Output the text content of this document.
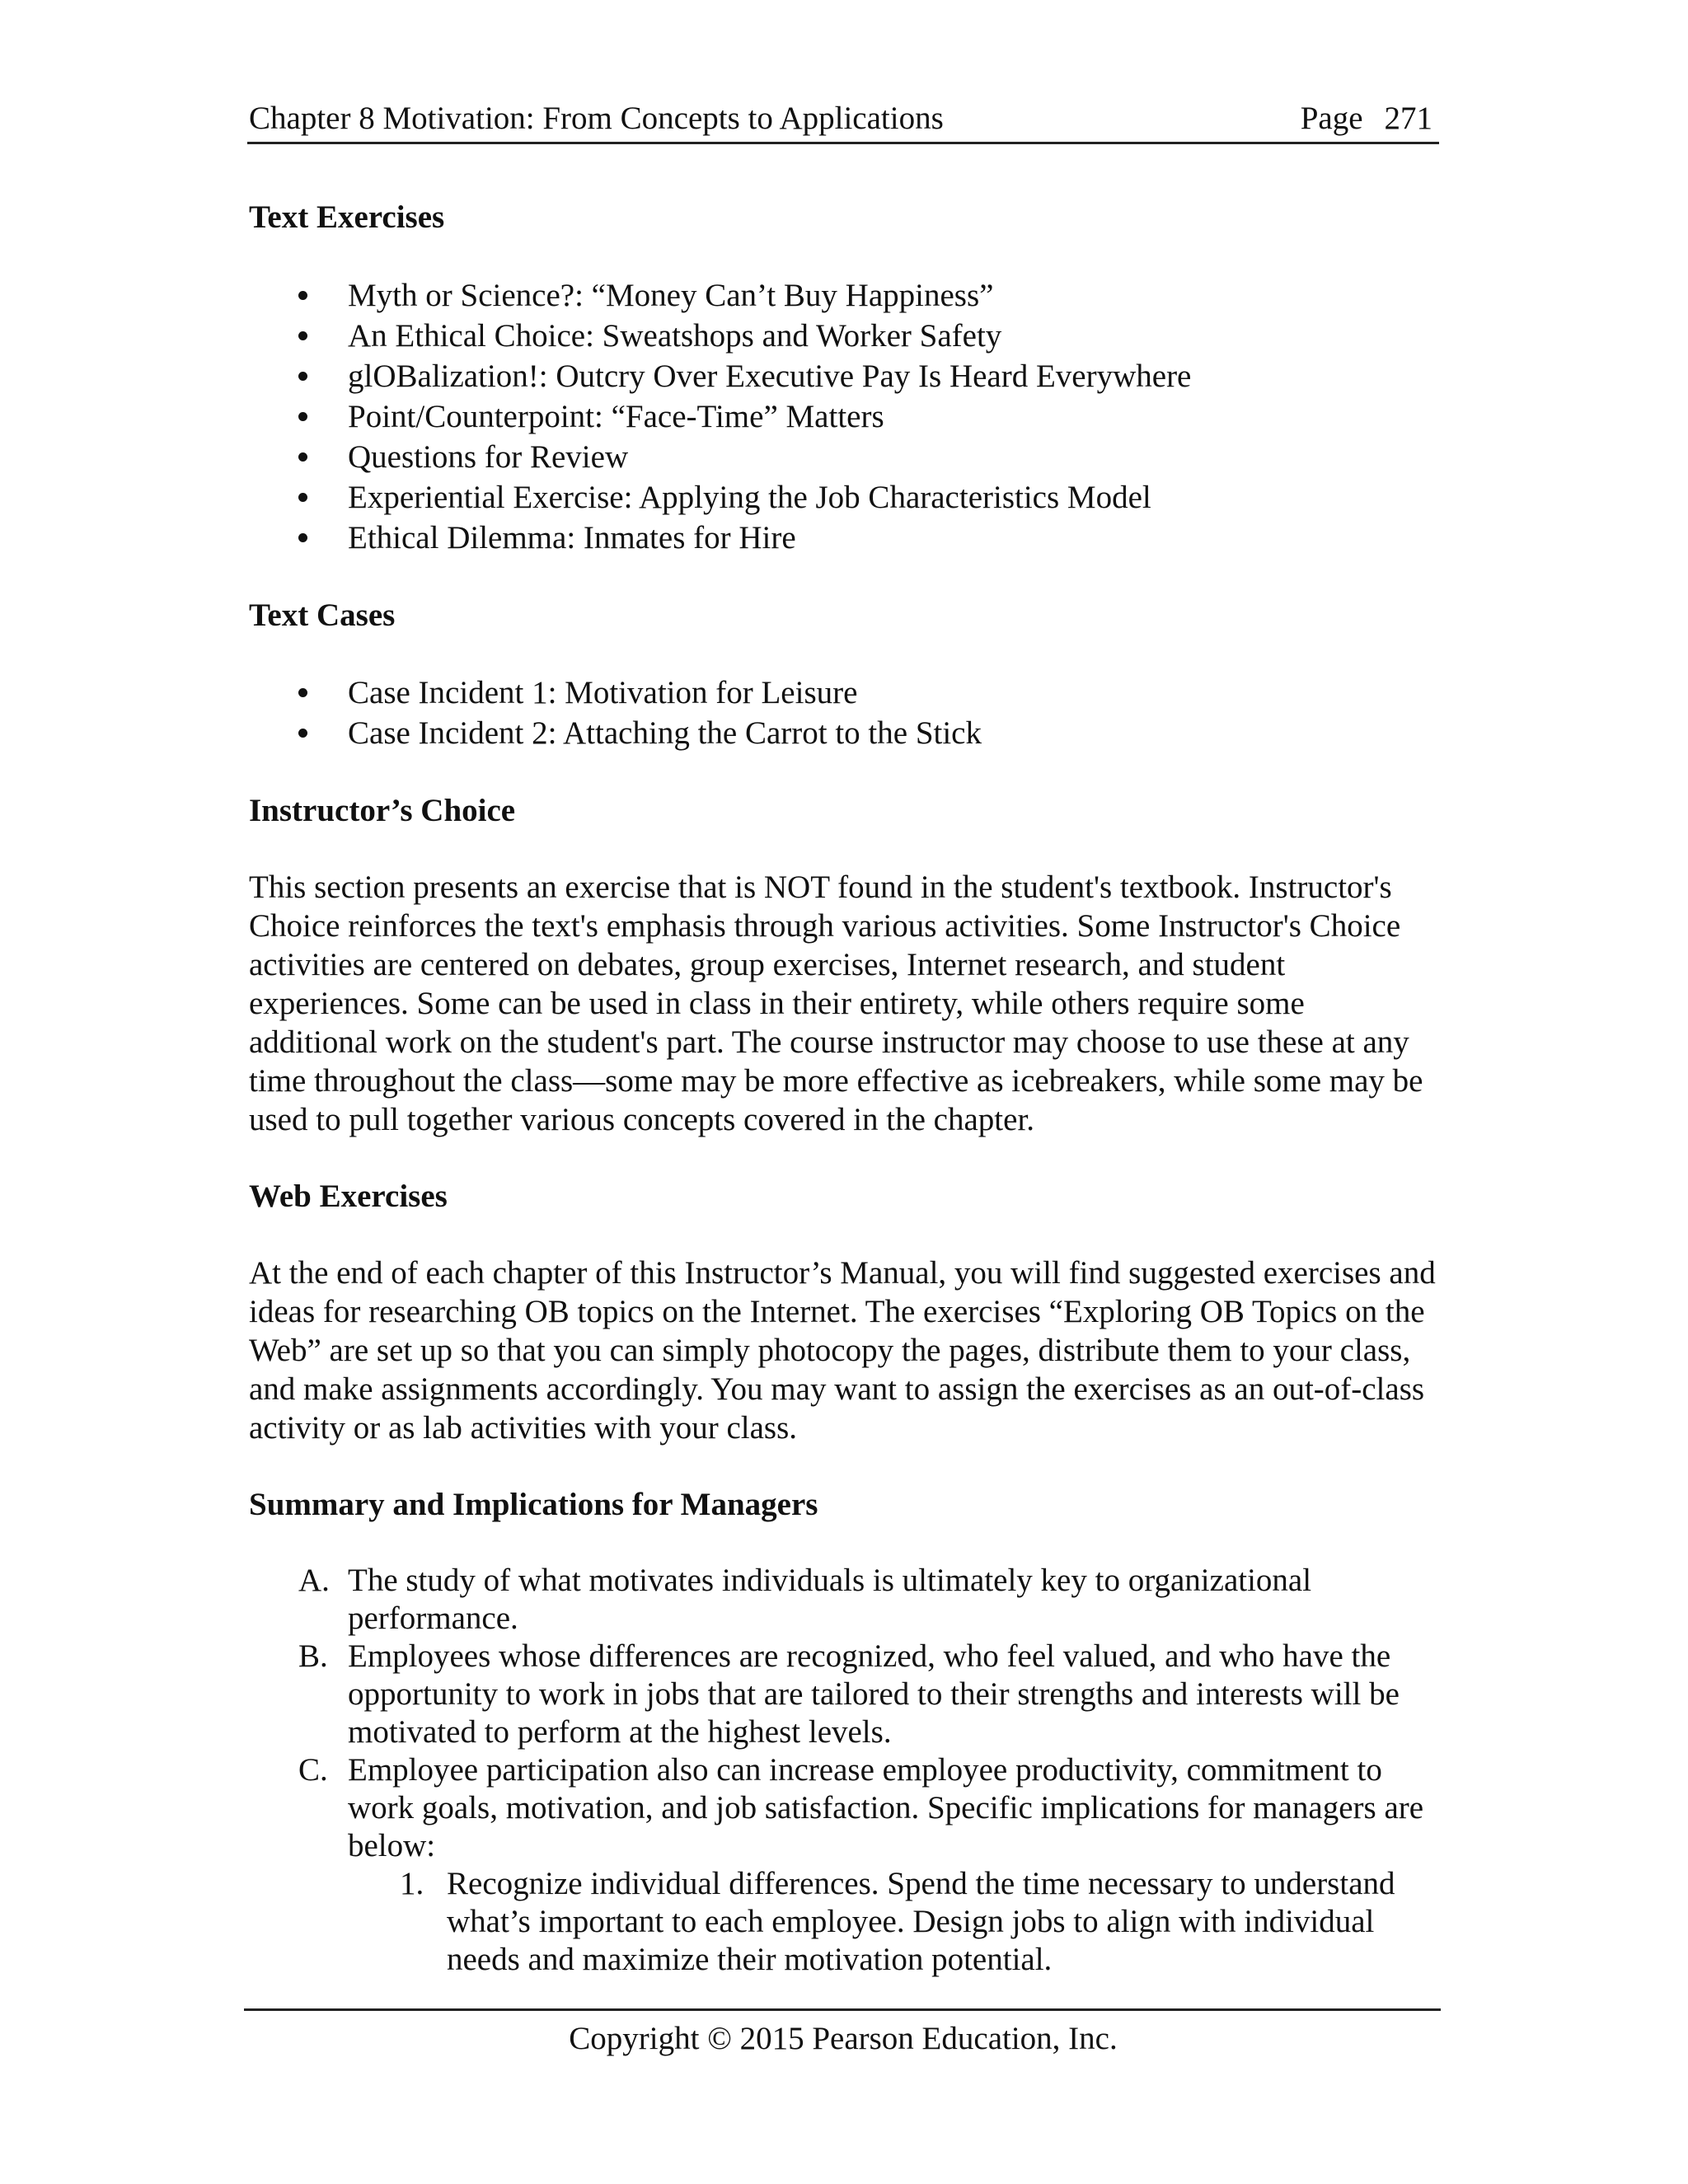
Chapter 8 Motivation: From Concepts to Applications	Page 271
Text Exercises
Myth or Science?: “Money Can’t Buy Happiness”
An Ethical Choice: Sweatshops and Worker Safety
glOBalization!: Outcry Over Executive Pay Is Heard Everywhere
Point/Counterpoint: “Face-Time” Matters
Questions for Review
Experiential Exercise: Applying the Job Characteristics Model
Ethical Dilemma: Inmates for Hire
Text Cases
Case Incident 1: Motivation for Leisure
Case Incident 2: Attaching the Carrot to the Stick
Instructor’s Choice

This section presents an exercise that is NOT found in the student's textbook. Instructor's Choice reinforces the text's emphasis through various activities. Some Instructor's Choice activities are centered on debates, group exercises, Internet research, and student experiences. Some can be used in class in their entirety, while others require some additional work on the student's part. The course instructor may choose to use these at any time throughout the class—some may be more effective as icebreakers, while some may be used to pull together various concepts covered in the chapter.

Web Exercises

At the end of each chapter of this Instructor’s Manual, you will find suggested exercises and ideas for researching OB topics on the Internet. The exercises “Exploring OB Topics on the Web” are set up so that you can simply photocopy the pages, distribute them to your class, and make assignments accordingly. You may want to assign the exercises as an out-of-class activity or as lab activities with your class.

Summary and Implications for Managers
A. The study of what motivates individuals is ultimately key to organizational performance.
B. Employees whose differences are recognized, who feel valued, and who have the opportunity to work in jobs that are tailored to their strengths and interests will be motivated to perform at the highest levels.
C. Employee participation also can increase employee productivity, commitment to work goals, motivation, and job satisfaction. Specific implications for managers are below:
1. Recognize individual differences. Spend the time necessary to understand what’s important to each employee. Design jobs to align with individual needs and maximize their motivation potential.
Copyright © 2015 Pearson Education, Inc.
